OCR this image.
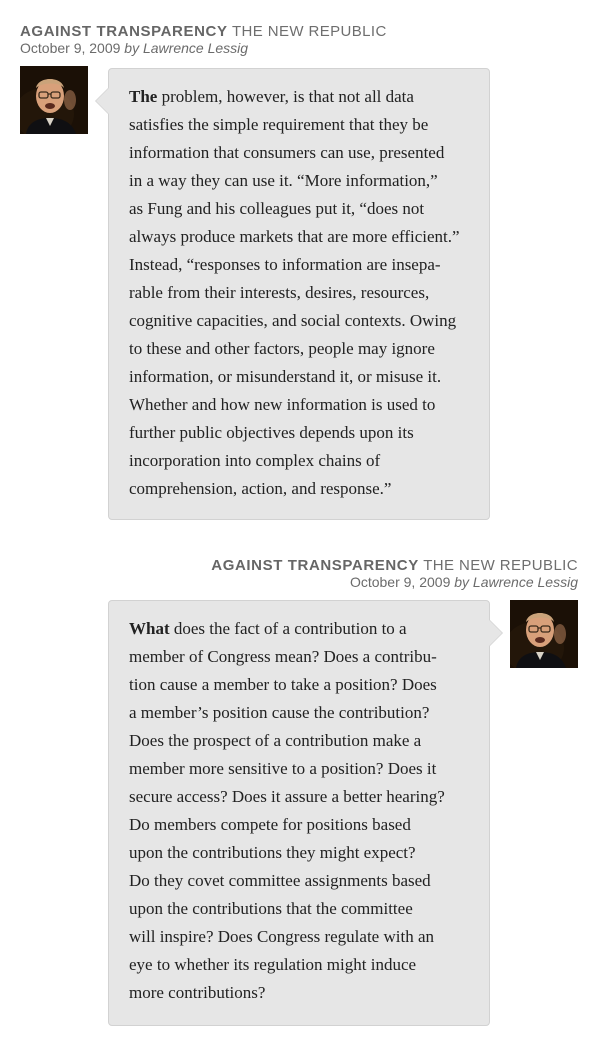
AGAINST TRANSPARENCY THE NEW REPUBLIC
October 9, 2009 by Lawrence Lessig

The problem, however, is that not all data
satisfies the simple requirement that they be
information that consumers can use, presented
in a way they can use it. “More information,”
as Fung and his colleagues put it, “does not
always produce markets that are more efficient.”
Instead, “responses to information are insepa-
rable from their interests, desires, resources,
cognitive capacities, and social contexts. Owing
to these and other factors, people may ignore
information, or misunderstand it, or misuse it.
Whether and how new information is used to
further public objectives depends upon its
incorporation into complex chains of
comprehension, action, and response.”

AGAINST TRANSPARENCY THE NEW REPUBLIC
October 9, 2009 by Lawrence Lessig

What does the fact of a contribution to a
member of Congress mean? Does a contribu-
tion cause a member to take a position? Does
a member’s position cause the contribution?
Does the prospect of a contribution make a
member more sensitive to a position? Does it
secure access? Does it assure a better hearing?
Do members compete for positions based
upon the contributions they might expect?
Do they covet committee assignments based
upon the contributions that the committee
will inspire? Does Congress regulate with an
eye to whether its regulation might induce
more contributions?
